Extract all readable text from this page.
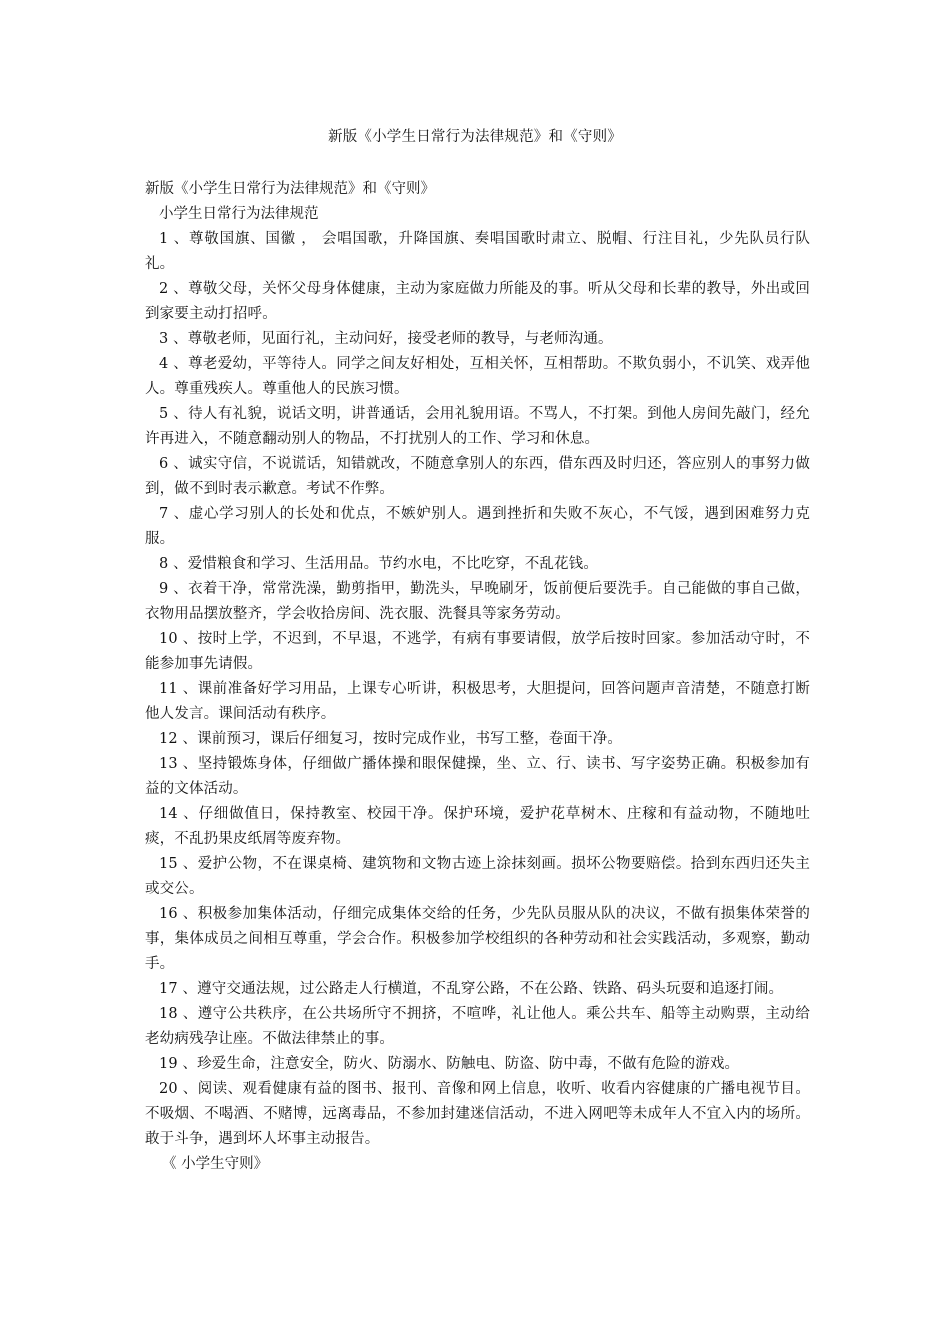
新版《小学生日常行为法律规范》和《守则》

新版《小学生日常行为法律规范》和《守则》

小学生日常行为法律规范

1 、尊敬国旗、国徽 ， 会唱国歌，升降国旗、奏唱国歌时肃立、脱帽、行注目礼，少先队员行队礼。

2 、尊敬父母，关怀父母身体健康，主动为家庭做力所能及的事。听从父母和长辈的教导，外出或回到家要主动打招呼。

3 、尊敬老师，见面行礼，主动问好，接受老师的教导，与老师沟通。

4 、尊老爱幼，平等待人。同学之间友好相处，互相关怀，互相帮助。不欺负弱小，不讥笑、戏弄他人。尊重残疾人。尊重他人的民族习惯。

5 、待人有礼貌，说话文明，讲普通话，会用礼貌用语。不骂人，不打架。到他人房间先敲门，经允许再进入，不随意翻动别人的物品，不打扰别人的工作、学习和休息。

6 、诚实守信，不说谎话，知错就改，不随意拿别人的东西，借东西及时归还，答应别人的事努力做到，做不到时表示歉意。考试不作弊。

7 、虚心学习别人的长处和优点，不嫉妒别人。遇到挫折和失败不灰心，不气馁，遇到困难努力克服。

8 、爱惜粮食和学习、生活用品。节约水电，不比吃穿，不乱花钱。

9 、衣着干净，常常洗澡，勤剪指甲，勤洗头，早晚刷牙，饭前便后要洗手。自己能做的事自己做，衣物用品摆放整齐，学会收拾房间、洗衣服、洗餐具等家务劳动。

10 、按时上学，不迟到，不早退，不逃学，有病有事要请假，放学后按时回家。参加活动守时，不能参加事先请假。

11 、课前准备好学习用品，上课专心听讲，积极思考，大胆提问，回答问题声音清楚，不随意打断他人发言。课间活动有秩序。

12 、课前预习，课后仔细复习，按时完成作业，书写工整，卷面干净。

13 、坚持锻炼身体，仔细做广播体操和眼保健操，坐、立、行、读书、写字姿势正确。积极参加有益的文体活动。

14 、仔细做值日，保持教室、校园干净。保护环境，爱护花草树木、庄稼和有益动物，不随地吐痰，不乱扔果皮纸屑等废弃物。

15 、爱护公物，不在课桌椅、建筑物和文物古迹上涂抹刻画。损坏公物要赔偿。拾到东西归还失主或交公。

16 、积极参加集体活动，仔细完成集体交给的任务，少先队员服从队的决议，不做有损集体荣誉的事，集体成员之间相互尊重，学会合作。积极参加学校组织的各种劳动和社会实践活动，多观察，勤动手。

17 、遵守交通法规，过公路走人行横道，不乱穿公路，不在公路、铁路、码头玩耍和追逐打闹。

18 、遵守公共秩序，在公共场所守不拥挤，不喧哗，礼让他人。乘公共车、船等主动购票，主动给老幼病残孕让座。不做法律禁止的事。

19 、珍爱生命，注意安全，防火、防溺水、防触电、防盗、防中毒，不做有危险的游戏。

20 、阅读、观看健康有益的图书、报刊、音像和网上信息，收听、收看内容健康的广播电视节目。不吸烟、不喝酒、不赌博，远离毒品，不参加封建迷信活动，不进入网吧等未成年人不宜入内的场所。敢于斗争，遇到坏人坏事主动报告。

《 小学生守则》
